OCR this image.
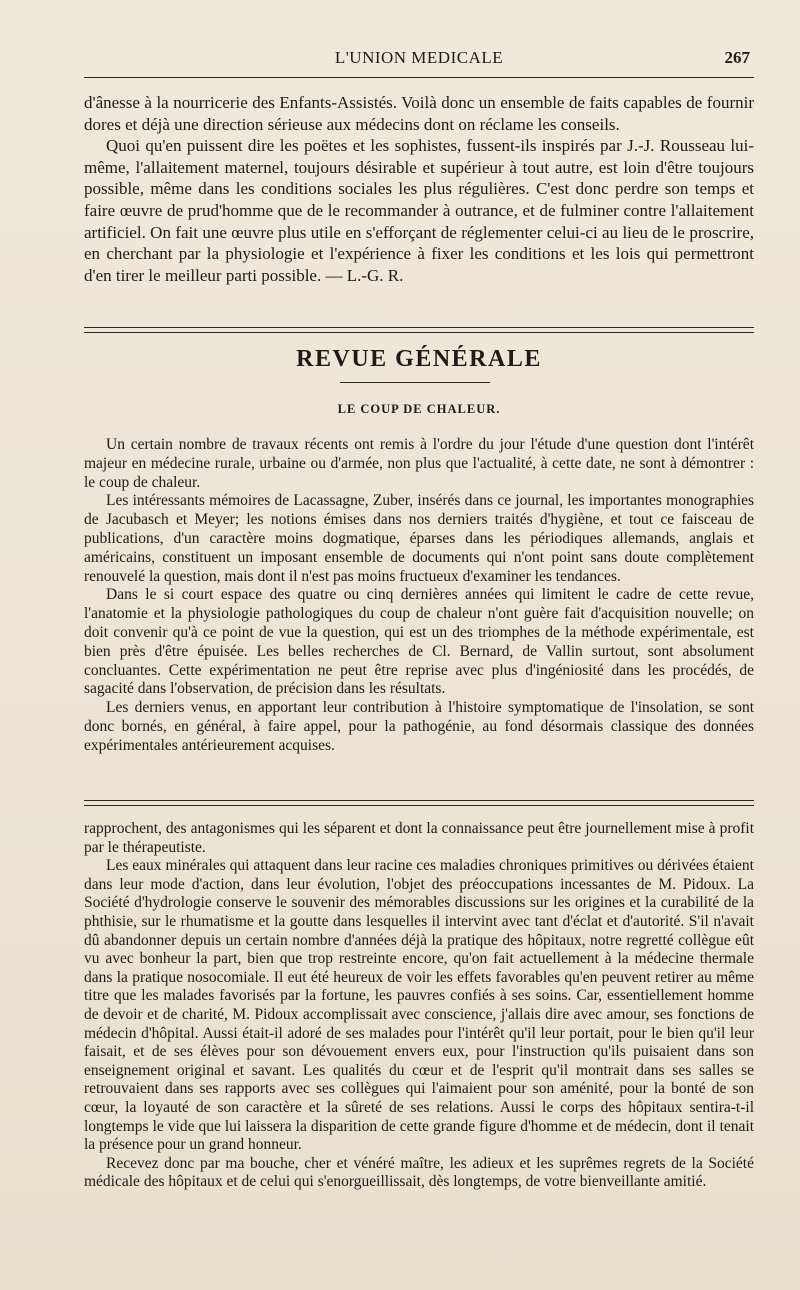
L'UNION MEDICALE	267

d'ânesse à la nourricerie des Enfants-Assistés. Voilà donc un ensemble de faits capables de fournir dores et déjà une direction sérieuse aux médecins dont on réclame les conseils.

Quoi qu'en puissent dire les poëtes et les sophistes, fussent-ils inspirés par J.-J. Rousseau lui-même, l'allaitement maternel, toujours désirable et supérieur à tout autre, est loin d'être toujours possible, même dans les conditions sociales les plus régulières. C'est donc perdre son temps et faire œuvre de prud'homme que de le recommander à outrance, et de fulminer contre l'allaitement artificiel. On fait une œuvre plus utile en s'efforçant de réglementer celui-ci au lieu de le proscrire, en cherchant par la physiologie et l'expérience à fixer les conditions et les lois qui permettront d'en tirer le meilleur parti possible. — L.-G. R.

REVUE GÉNÉRALE
LE COUP DE CHALEUR.

Un certain nombre de travaux récents ont remis à l'ordre du jour l'étude d'une question dont l'intérêt majeur en médecine rurale, urbaine ou d'armée, non plus que l'actualité, à cette date, ne sont à démontrer : le coup de chaleur.

Les intéressants mémoires de Lacassagne, Zuber, insérés dans ce journal, les importantes monographies de Jacubasch et Meyer; les notions émises dans nos derniers traités d'hygiène, et tout ce faisceau de publications, d'un caractère moins dogmatique, éparses dans les périodiques allemands, anglais et américains, constituent un imposant ensemble de documents qui n'ont point sans doute complètement renouvelé la question, mais dont il n'est pas moins fructueux d'examiner les tendances.

Dans le si court espace des quatre ou cinq dernières années qui limitent le cadre de cette revue, l'anatomie et la physiologie pathologiques du coup de chaleur n'ont guère fait d'acquisition nouvelle; on doit convenir qu'à ce point de vue la question, qui est un des triomphes de la méthode expérimentale, est bien près d'être épuisée. Les belles recherches de Cl. Bernard, de Vallin surtout, sont absolument concluantes. Cette expérimentation ne peut être reprise avec plus d'ingéniosité dans les procédés, de sagacité dans l'observation, de précision dans les résultats.

Les derniers venus, en apportant leur contribution à l'histoire symptomatique de l'insolation, se sont donc bornés, en général, à faire appel, pour la pathogénie, au fond désormais classique des données expérimentales antérieurement acquises.

rapprochent, des antagonismes qui les séparent et dont la connaissance peut être journellement mise à profit par le thérapeutiste.

Les eaux minérales qui attaquent dans leur racine ces maladies chroniques primitives ou dérivées étaient dans leur mode d'action, dans leur évolution, l'objet des préoccupations incessantes de M. Pidoux. La Société d'hydrologie conserve le souvenir des mémorables discussions sur les origines et la curabilité de la phthisie, sur le rhumatisme et la goutte dans lesquelles il intervint avec tant d'éclat et d'autorité. S'il n'avait dû abandonner depuis un certain nombre d'années déjà la pratique des hôpitaux, notre regretté collègue eût vu avec bonheur la part, bien que trop restreinte encore, qu'on fait actuellement à la médecine thermale dans la pratique nosocomiale. Il eut été heureux de voir les effets favorables qu'en peuvent retirer au même titre que les malades favorisés par la fortune, les pauvres confiés à ses soins. Car, essentiellement homme de devoir et de charité, M. Pidoux accomplissait avec conscience, j'allais dire avec amour, ses fonctions de médecin d'hôpital. Aussi était-il adoré de ses malades pour l'intérêt qu'il leur portait, pour le bien qu'il leur faisait, et de ses élèves pour son dévouement envers eux, pour l'instruction qu'ils puisaient dans son enseignement original et savant. Les qualités du cœur et de l'esprit qu'il montrait dans ses salles se retrouvaient dans ses rapports avec ses collègues qui l'aimaient pour son aménité, pour la bonté de son cœur, la loyauté de son caractère et la sûreté de ses relations. Aussi le corps des hôpitaux sentira-t-il longtemps le vide que lui laissera la disparition de cette grande figure d'homme et de médecin, dont il tenait la présence pour un grand honneur.

Recevez donc par ma bouche, cher et vénéré maître, les adieux et les suprêmes regrets de la Société médicale des hôpitaux et de celui qui s'enorgueillissait, dès longtemps, de votre bienveillante amitié.
